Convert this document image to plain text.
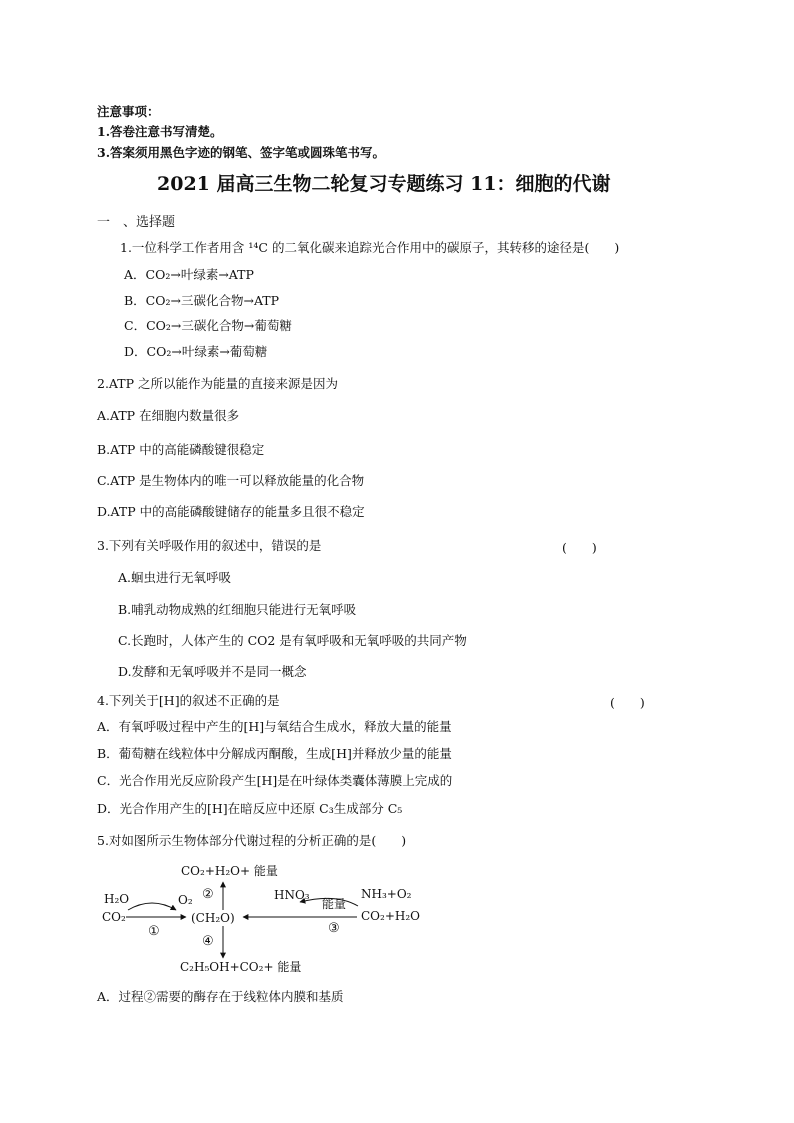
注意事项：
1.答卷注意书写清楚。
3.答案须用黑色字迹的钢笔、签字笔或圆珠笔书写。
2021 届高三生物二轮复习专题练习 11：细胞的代谢
一　、选择题
1.一位科学工作者用含 ¹⁴C 的二氧化碳来追踪光合作用中的碳原子，其转移的途径是(　　)
A．CO₂→叶绿素→ATP
B．CO₂→三碳化合物→ATP
C．CO₂→三碳化合物→葡萄糖
D．CO₂→叶绿素→葡萄糖
2.ATP 之所以能作为能量的直接来源是因为
A.ATP 在细胞内数量很多
B.ATP 中的高能磷酸键很稳定
C.ATP 是生物体内的唯一可以释放能量的化合物
D.ATP 中的高能磷酸键储存的能量多且很不稳定
3.下列有关呼吸作用的叙述中，错误的是	(　　)
A.蛔虫进行无氧呼吸
B.哺乳动物成熟的红细胞只能进行无氧呼吸
C.长跑时，人体产生的 CO2 是有氧呼吸和无氧呼吸的共同产物
D.发酵和无氧呼吸并不是同一概念
4.下列关于[H]的叙述不正确的是	(　　)
A．有氧呼吸过程中产生的[H]与氧结合生成水，释放大量的能量
B．葡萄糖在线粒体中分解成丙酮酸，生成[H]并释放少量的能量
C．光合作用光反应阶段产生[H]是在叶绿体类囊体薄膜上完成的
D．光合作用产生的[H]在暗反应中还原 C₃生成部分 C₅
5.对如图所示生物体部分代谢过程的分析正确的是(　　)
CO₂+H₂O+ 能量
②
H₂O	O₂
CO₂	(CH₂O)
①
HNO₃
能量
NH₃+O₂
CO₂+H₂O
③
④
C₂H₅OH+CO₂+ 能量
A．过程②需要的酶存在于线粒体内膜和基质
